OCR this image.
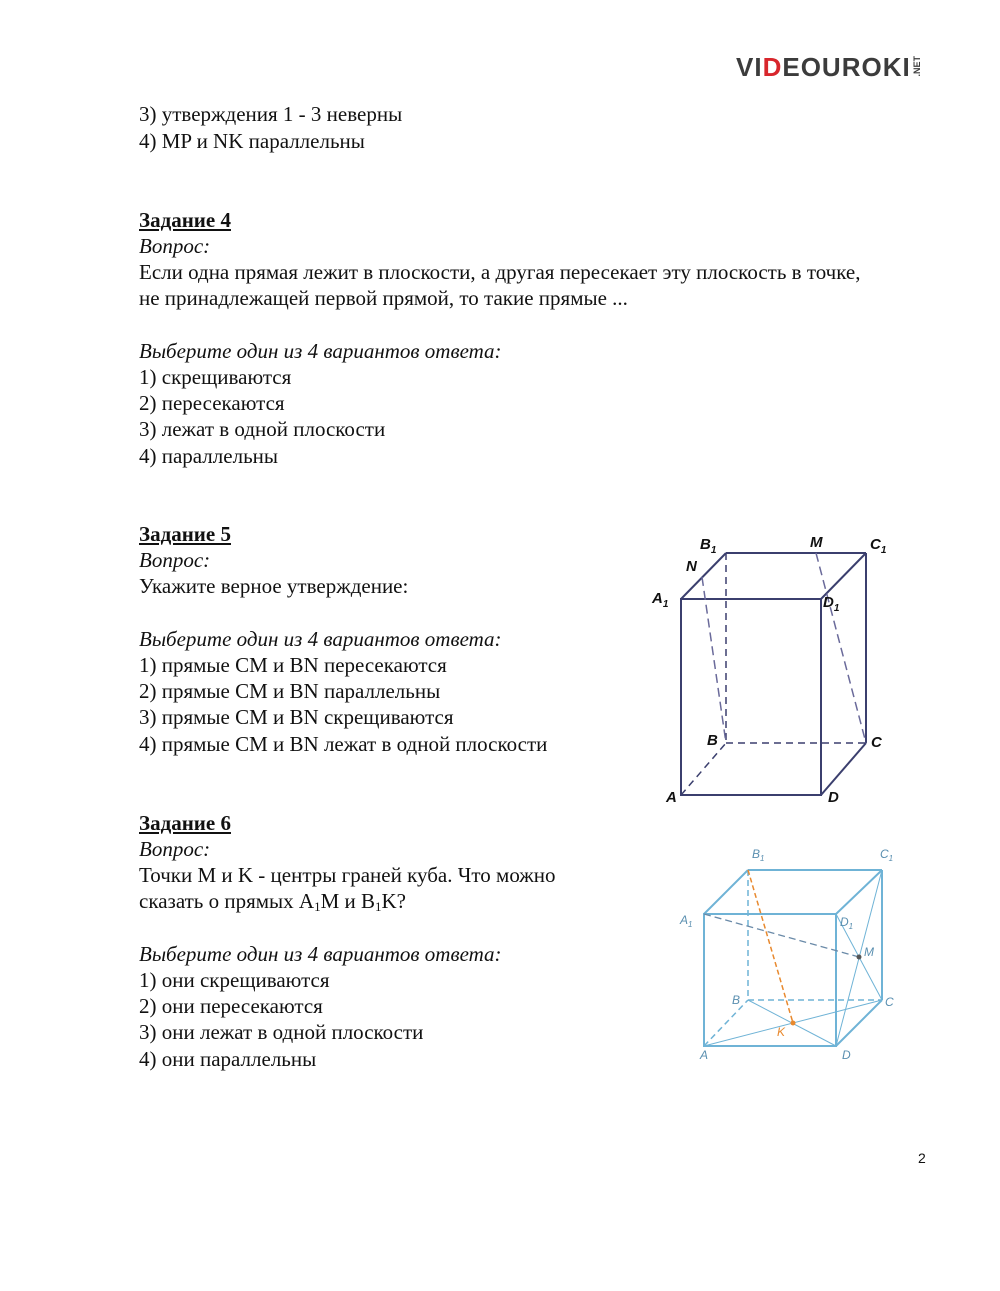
VI D EOUROKI .NET
3) утверждения 1 - 3 неверны
4) MP и NK параллельны
Задание 4
Вопрос:
Если одна прямая лежит в плоскости, а другая пересекает эту плоскость в точке,
не принадлежащей первой прямой, то такие прямые ...
Выберите один из 4 вариантов ответа:
1) скрещиваются
2) пересекаются
3) лежат в одной плоскости
4) параллельны
Задание 5
Вопрос:
Укажите верное утверждение:
Выберите один из 4 вариантов ответа:
1) прямые CM и BN пересекаются
2) прямые CM и BN параллельны
3) прямые CM и BN скрещиваются
4) прямые CM и BN лежат в одной плоскости
$B_1$	M	$C_1$
N
$A_1$	$D_1$
B	C
A	D
Задание 6
Вопрос:
Точки M и K - центры граней куба. Что можно
сказать о прямых $A_1M$ и $B_1K$?
Выберите один из 4 вариантов ответа:
1) они скрещиваются
2) они пересекаются
3) они лежат в одной плоскости
4) они параллельны
$B_1$	$C_1$
$A_1$	$D_1$
M
B	C
K
A	D
2
